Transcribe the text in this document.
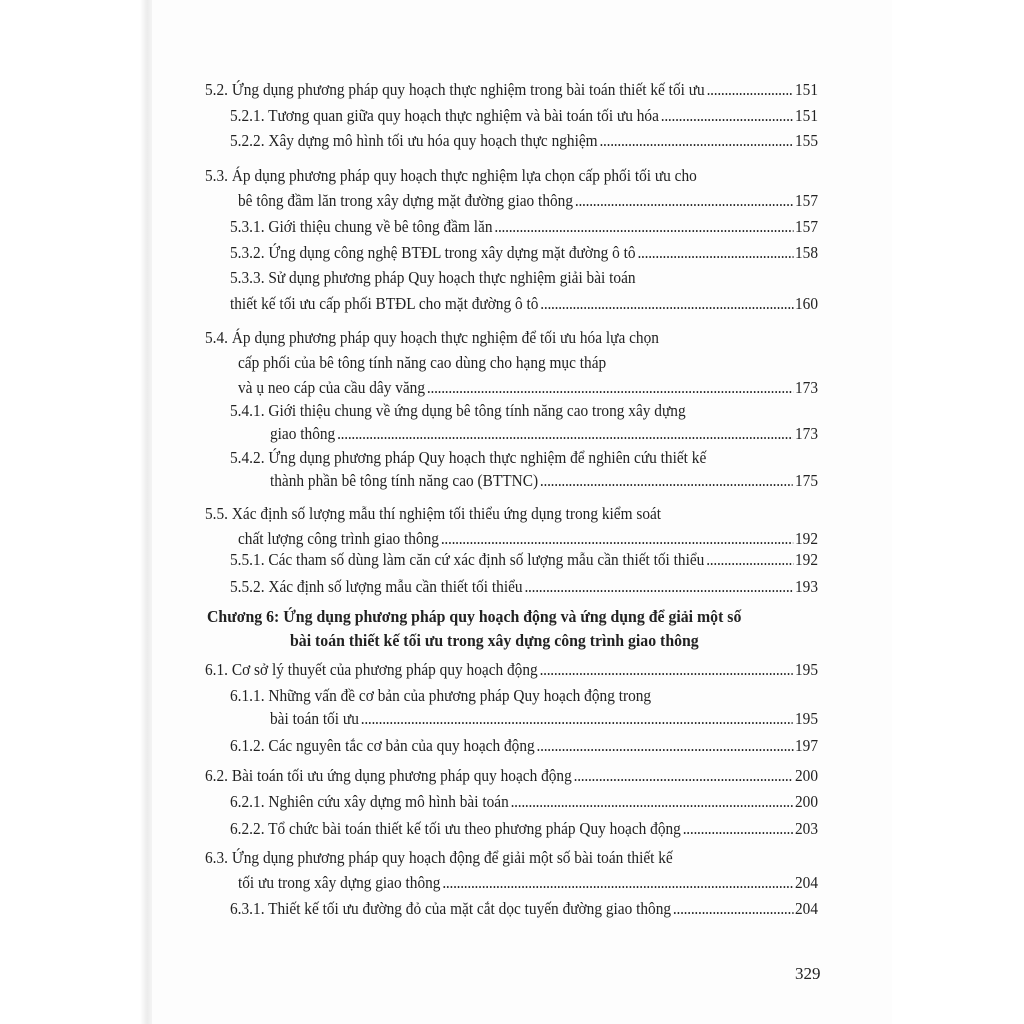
5.2. Ứng dụng phương pháp quy hoạch thực nghiệm trong bài toán thiết kế tối ưu . . .	151
5.2.1. Tương quan giữa quy hoạch thực nghiệm và bài toán tối ưu hóa . . .	151
5.2.2. Xây dựng mô hình tối ưu hóa quy hoạch thực nghiệm . . .	155
5.3. Áp dụng phương pháp quy hoạch thực nghiệm lựa chọn cấp phối tối ưu cho
bê tông đầm lăn trong xây dựng mặt đường giao thông . . .	157
5.3.1. Giới thiệu chung về bê tông đầm lăn . . .	157
5.3.2. Ứng dụng công nghệ BTĐL trong xây dựng mặt đường ô tô . . .	158
5.3.3. Sử dụng phương pháp Quy hoạch thực nghiệm giải bài toán
thiết kế tối ưu cấp phối BTĐL cho mặt đường ô tô . . .	160
5.4. Áp dụng phương pháp quy hoạch thực nghiệm để tối ưu hóa lựa chọn
cấp phối của bê tông tính năng cao dùng cho hạng mục tháp
và ụ neo cáp của cầu dây văng . . .	173
5.4.1. Giới thiệu chung về ứng dụng bê tông tính năng cao trong xây dựng
giao thông . . .	173
5.4.2. Ứng dụng phương pháp Quy hoạch thực nghiệm để nghiên cứu thiết kế
thành phần bê tông tính năng cao (BTTNC) . . .	175
5.5. Xác định số lượng mẫu thí nghiệm tối thiểu ứng dụng trong kiểm soát
chất lượng công trình giao thông . . .	192
5.5.1. Các tham số dùng làm căn cứ xác định số lượng mẫu cần thiết tối thiểu . . .	192
5.5.2. Xác định số lượng mẫu cần thiết tối thiểu . . .	193
6.1. Cơ sở lý thuyết của phương pháp quy hoạch động . . .	195
6.1.1. Những vấn đề cơ bản của phương pháp Quy hoạch động trong
bài toán tối ưu . . .	195
6.1.2. Các nguyên tắc cơ bản của quy hoạch động . . .	197
6.2. Bài toán tối ưu ứng dụng phương pháp quy hoạch động . . .	200
6.2.1. Nghiên cứu xây dựng mô hình bài toán . . .	200
6.2.2. Tổ chức bài toán thiết kế tối ưu theo phương pháp Quy hoạch động . . .	203
6.3. Ứng dụng phương pháp quy hoạch động để giải một số bài toán thiết kế
tối ưu trong xây dựng giao thông . . .	204
6.3.1. Thiết kế tối ưu đường đỏ của mặt cắt dọc tuyến đường giao thông . . .	204
Chương 6: Ứng dụng phương pháp quy hoạch động và ứng dụng để giải một số
bài toán thiết kế tối ưu trong xây dựng công trình giao thông
329
